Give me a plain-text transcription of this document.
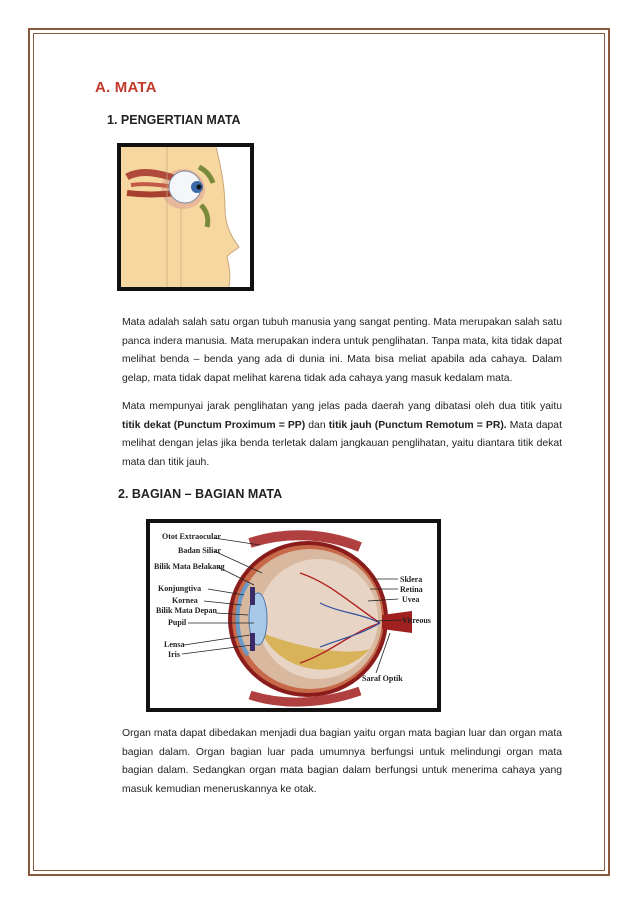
A. MATA
1. PENGERTIAN MATA
Mata adalah salah satu organ tubuh manusia yang sangat penting. Mata merupakan salah satu panca indera manusia. Mata merupakan indera untuk penglihatan. Tanpa mata, kita tidak dapat melihat benda – benda yang ada di dunia ini. Mata bisa meliat apabila ada cahaya. Dalam gelap, mata tidak dapat melihat karena tidak ada cahaya yang masuk kedalam mata.
Mata mempunyai jarak penglihatan yang jelas pada daerah yang dibatasi oleh dua titik yaitu titik dekat (Punctum Proximum = PP) dan titik jauh (Punctum Remotum = PR). Mata dapat melihat dengan jelas jika benda terletak dalam jangkauan penglihatan, yaitu diantara titik dekat mata dan titik jauh.
2. BAGIAN – BAGIAN MATA
Otot Extraocular
Badan Siliar
Bilik Mata Belakang
Konjungtiva
Kornea
Bilik Mata Depan
Pupil
Lensa
Iris
Sklera
Retina
Uvea
Vitreous
Saraf Optik
Organ mata dapat dibedakan menjadi dua bagian yaitu organ mata bagian luar dan organ mata bagian dalam. Organ bagian luar pada umumnya berfungsi untuk melindungi organ mata bagian dalam. Sedangkan organ mata bagian dalam berfungsi untuk menerima cahaya yang masuk kemudian meneruskannya ke otak.
